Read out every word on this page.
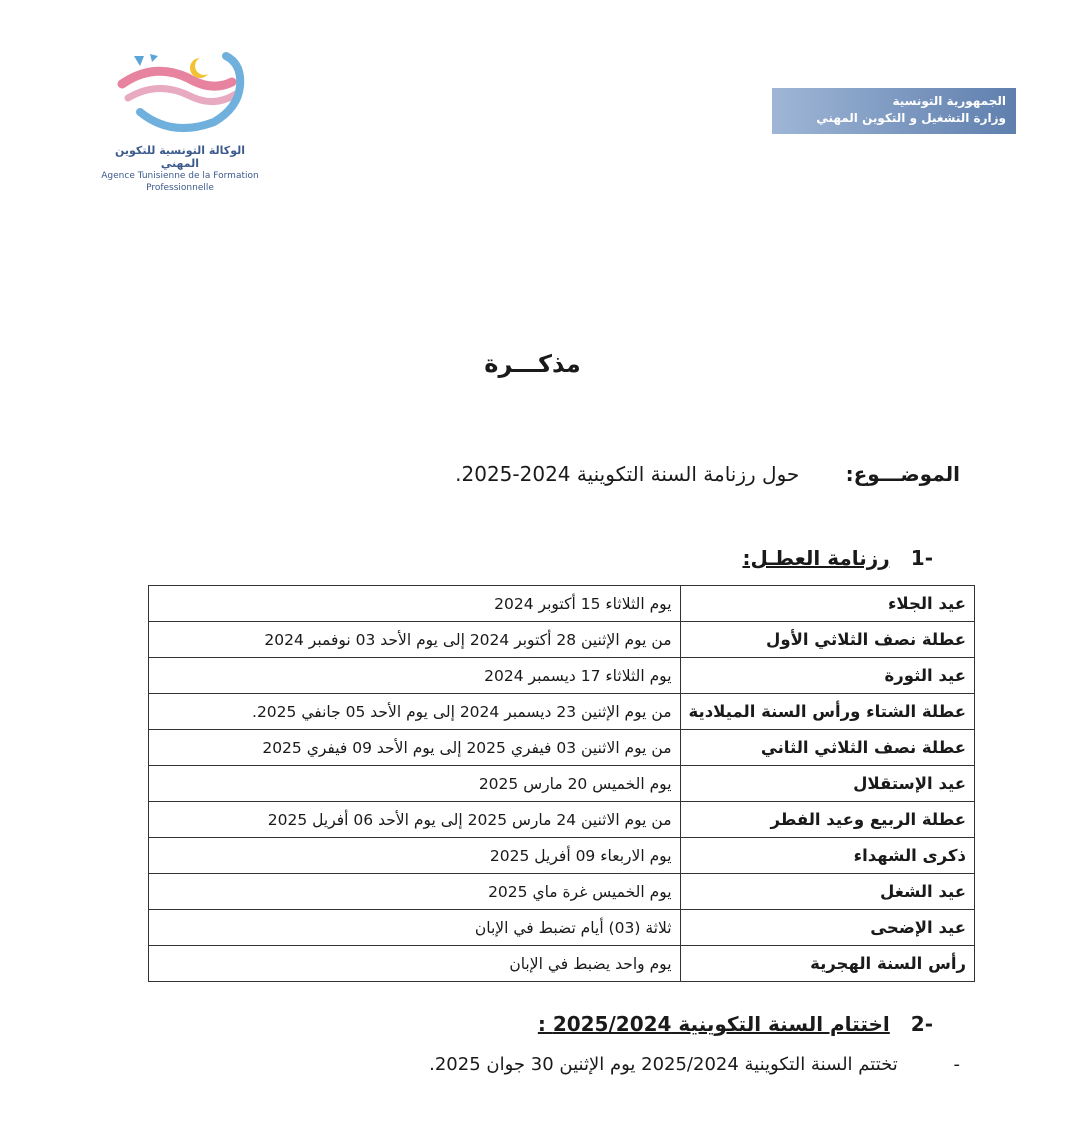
الوكالة التونسية للتكوين المهني
Agence Tunisienne de la Formation
Professionnelle
الجمهورية التونسية
وزارة التشغيل و التكوين المهني
مذكـــرة
الموضـــوع: حول رزنامة السنة التكوينية 2024-2025.
-1 رزنامة العطـل:
عيد الجلاء	يوم الثلاثاء 15 أكتوبر 2024
عطلة نصف الثلاثي الأول	من يوم الإثنين 28 أكتوبر 2024 إلى يوم الأحد 03 نوفمبر 2024
عيد الثورة	يوم الثلاثاء 17 ديسمبر 2024
عطلة الشتاء ورأس السنة الميلادية	من يوم الإثنين 23 ديسمبر 2024 إلى يوم الأحد 05 جانفي 2025.
عطلة نصف الثلاثي الثاني	من يوم الاثنين 03 فيفري 2025 إلى يوم الأحد 09 فيفري 2025
عيد الإستقلال	يوم الخميس 20 مارس 2025
عطلة الربيع وعيد الفطر	من يوم الاثنين 24 مارس 2025 إلى يوم الأحد 06 أفريل 2025
ذكرى الشهداء	يوم الاربعاء 09 أفريل 2025
عيد الشغل	يوم الخميس غرة ماي 2025
عيد الإضحى	ثلاثة (03) أيام تضبط في الإبان
رأس السنة الهجرية	يوم واحد يضبط في الإبان
-2 اختتام السنة التكوينية 2025/2024 :
- تختتم السنة التكوينية 2025/2024 يوم الإثنين 30 جوان 2025.
